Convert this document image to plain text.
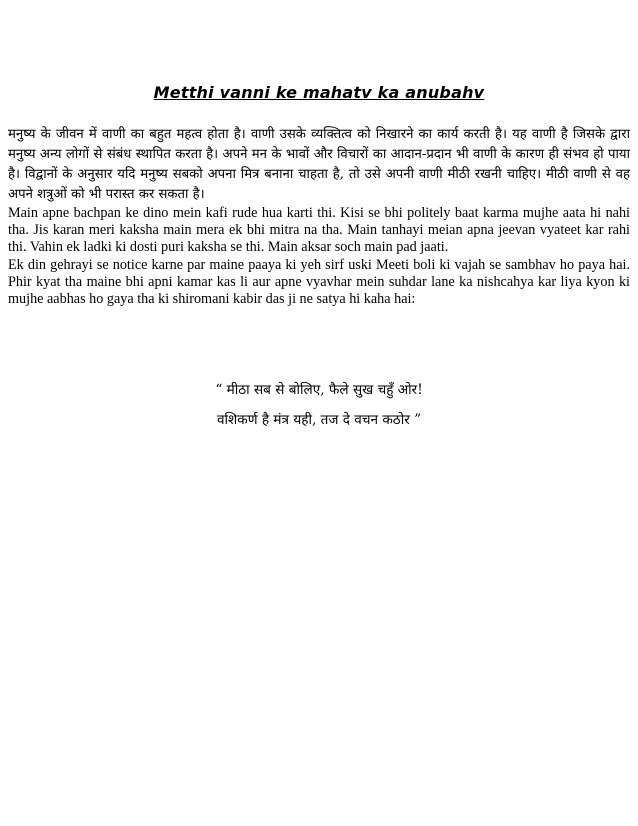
Metthi vanni ke mahatv ka anubahv

मनुष्य के जीवन में वाणी का बहुत महत्व होता है। वाणी उसके व्यक्तित्व को निखारने का कार्य करती है। यह वाणी है जिसके द्वारा मनुष्य अन्य लोगों से संबंध स्थापित करता है। अपने मन के भावों और विचारों का आदान-प्रदान भी वाणी के कारण ही संभव हो पाया है। विद्वानों के अनुसार यदि मनुष्य सबको अपना मित्र बनाना चाहता है, तो उसे अपनी वाणी मीठी रखनी चाहिए। मीठी वाणी से वह अपने शत्रुओं को भी परास्त कर सकता है।

Main apne bachpan ke dino mein kafi rude hua karti thi. Kisi se bhi politely baat karma mujhe aata hi nahi tha. Jis karan meri kaksha main mera ek bhi mitra na tha. Main tanhayi meian apna jeevan vyateet kar rahi thi. Vahin ek ladki ki dosti puri kaksha se thi. Main aksar soch main pad jaati.

Ek din gehrayi se notice karne par maine paaya ki yeh sirf uski Meeti boli ki vajah se sambhav ho paya hai. Phir kyat tha maine bhi apni kamar kas li aur apne vyavhar mein suhdar lane ka nishcahya kar liya kyon ki mujhe aabhas ho gaya tha ki shiromani kabir das ji ne satya hi kaha hai:

“ मीठा सब से बोलिए, फैले सुख चहुँ ओर!
वशिकर्ण है मंत्र यही, तज दे वचन कठोर ”
